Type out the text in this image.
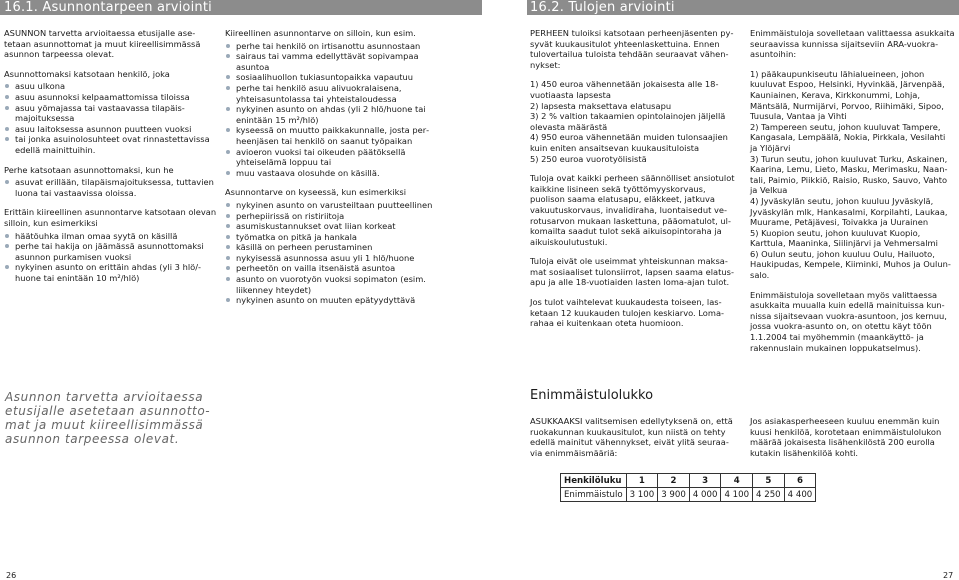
16.1. Asunnontarpeen arviointi	16.2. Tulojen arviointi

ASUNNON tarvetta arvioitaessa etusijalle asetetaan asunnottomat ja muut kiireellisimmässä asunnon tarpeessa olevat.

Asunnottomaksi katsotaan henkilö, joka

asuu ulkona
asuu asunnoksi kelpaamattomissa tiloissa
asuu yömajassa tai vastaavassa tilapäismajoituksessa
asuu laitoksessa asunnon puutteen vuoksi
tai jonka asuinolosuhteet ovat rinnastettavissa edellä mainittuihin.

Perhe katsotaan asunnottomaksi, kun he

asuvat erillään, tilapäismajoituksessa, tuttavien luona tai vastaavissa oloissa.

Erittäin kiireellinen asunnontarve katsotaan olevan silloin, kun esimerkiksi

häätöuhka ilman omaa syytä on käsillä
perhe tai hakija on jäämässä asunnottomaksi asunnon purkamisen vuoksi
nykyinen asunto on erittäin ahdas (yli 3 hlö/huone tai enintään 10 m²/hlö)
Asunnon tarvetta arvioitaessa etusijalle asetetaan asunnottomat ja muut kiireellisimmässä asunnon tarpeessa olevat.

Kiireellinen asunnontarve on silloin, kun esim.

perhe tai henkilö on irtisanottu asunnostaan
sairaus tai vamma edellyttävät sopivampaa asuntoa
sosiaalihuollon tukiasuntopaikka vapautuu
perhe tai henkilö asuu alivuokralaisena, yhteisasuntolassa tai yhteistaloudessa
nykyinen asunto on ahdas (yli 2 hlö/huone tai enintään 15 m²/hlö)
kyseessä on muutto paikkakunnalle, josta perheenjäsen tai henkilö on saanut työpaikan
avioeron vuoksi tai oikeuden päätöksellä yhteiselämä loppuu tai
muu vastaava olosuhde on käsillä.

Asunnontarve on kyseessä, kun esimerkiksi

nykyinen asunto on varusteiltaan puutteellinen
perhepiirissä on ristiriitoja
asumiskustannukset ovat liian korkeat
työmatka on pitkä ja hankala
käsillä on perheen perustaminen
nykyisessä asunnossa asuu yli 1 hlö/huone
perheetön on vailla itsenäistä asuntoa
asunto on vuorotyön vuoksi sopimaton (esim. liikenney hteydet)
nykyinen asunto on muuten epätyydyttävä
26

PERHEEN tuloiksi katsotaan perheenjäsenten pysyvät kuukausitulot yhteenlaskettuina. Ennen tulovertailua tuloista tehdään seuraavat vähennykset:

1) 450 euroa vähennetään jokaisesta alle 18-vuotiaasta lapsesta
2) lapsesta maksettava elatusapu
3) 2 % valtion takaamien opintolainojen jäljellä olevasta määrästä
4) 950 euroa vähennetään muiden tulonsaajien kuin eniten ansaitsevan kuukausituloista
5) 250 euroa vuorotyölisistä

Tuloja ovat kaikki perheen säännölliset ansiotulot kaikkine lisineen sekä työttömyyskorvaus, puolison saama elatusapu, eläkkeet, jatkuva vakuutuskorvaus, invalidiraha, luontaisedut verotusarvon mukaan laskettuna, pääomatulot, ulkomailta saadut tulot sekä aikuisopintoraha ja aikuiskoulutustuki.

Tuloja eivät ole useimmat yhteiskunnan maksamat sosiaaliset tulonsiirrot, lapsen saama elatusapu ja alle 18-vuotiaiden lasten loma-ajan tulot.

Jos tulot vaihtelevat kuukaudesta toiseen, lasketaan 12 kuukauden tulojen keskiarvo. Lomarahaa ei kuitenkaan oteta huomioon.

Enimmäistuloja sovelletaan valittaessa asukkaita seuraavissa kunnissa sijaitseviin ARA-vuokra-asuntoihin:

1) pääkaupunkiseutu lähialueineen, johon kuuluvat Espoo, Helsinki, Hyvinkää, Järvenpää, Kauniainen, Kerava, Kirkkonummi, Lohja, Mäntsälä, Nurmijärvi, Porvoo, Riihimäki, Sipoo, Tuusula, Vantaa ja Vihti
2) Tampereen seutu, johon kuuluvat Tampere, Kangasala, Lempäälä, Nokia, Pirkkala, Vesilahti ja Ylöjärvi
3) Turun seutu, johon kuuluvat Turku, Askainen, Kaarina, Lemu, Lieto, Masku, Merimasku, Naantali, Paimio, Piikkiö, Raisio, Rusko, Sauvo, Vahto ja Velkua
4) Jyväskylän seutu, johon kuuluu Jyväskylä, Jyväskylän mlk, Hankasalmi, Korpilahti, Laukaa, Muurame, Petäjävesi, Toivakka ja Uurainen
5) Kuopion seutu, johon kuuluvat Kuopio, Karttula, Maaninka, Siilinjärvi ja Vehmersalmi
6) Oulun seutu, johon kuuluu Oulu, Hailuoto, Haukipudas, Kempele, Kiiminki, Muhos ja Oulunsalo.

Enimmäistuloja sovelletaan myös valittaessa asukkaita muualla kuin edellä mainituissa kunnissa sijaitsevaan vuokra-asuntoon, jos kernuu, jossa vuokra-asunto on, on otettu käyt töön 1.1.2004 tai myöhemmin (maankäyttö- ja rakennuslain mukainen loppukatselmus).

Enimmäistulolukko

ASUKKAAKSI valitsemisen edellytyksenä on, että ruokakunnan kuukausitulot, kun niistä on tehty edellä mainitut vähennykset, eivät ylitä seuraavia enimmäismääriä:

Jos asiakasperheeseen kuuluu enemmän kuin kuusi henkilöä, korotetaan enimmäistulolukon määrää jokaisesta lisähenkilöstä 200 eurolla kutakin lisähenkilöä kohti.

Henkilöluku	1	2	3	4	5	6
Enimmäistulo	3 100	3 900	4 000	4 100	4 250	4 400
27
